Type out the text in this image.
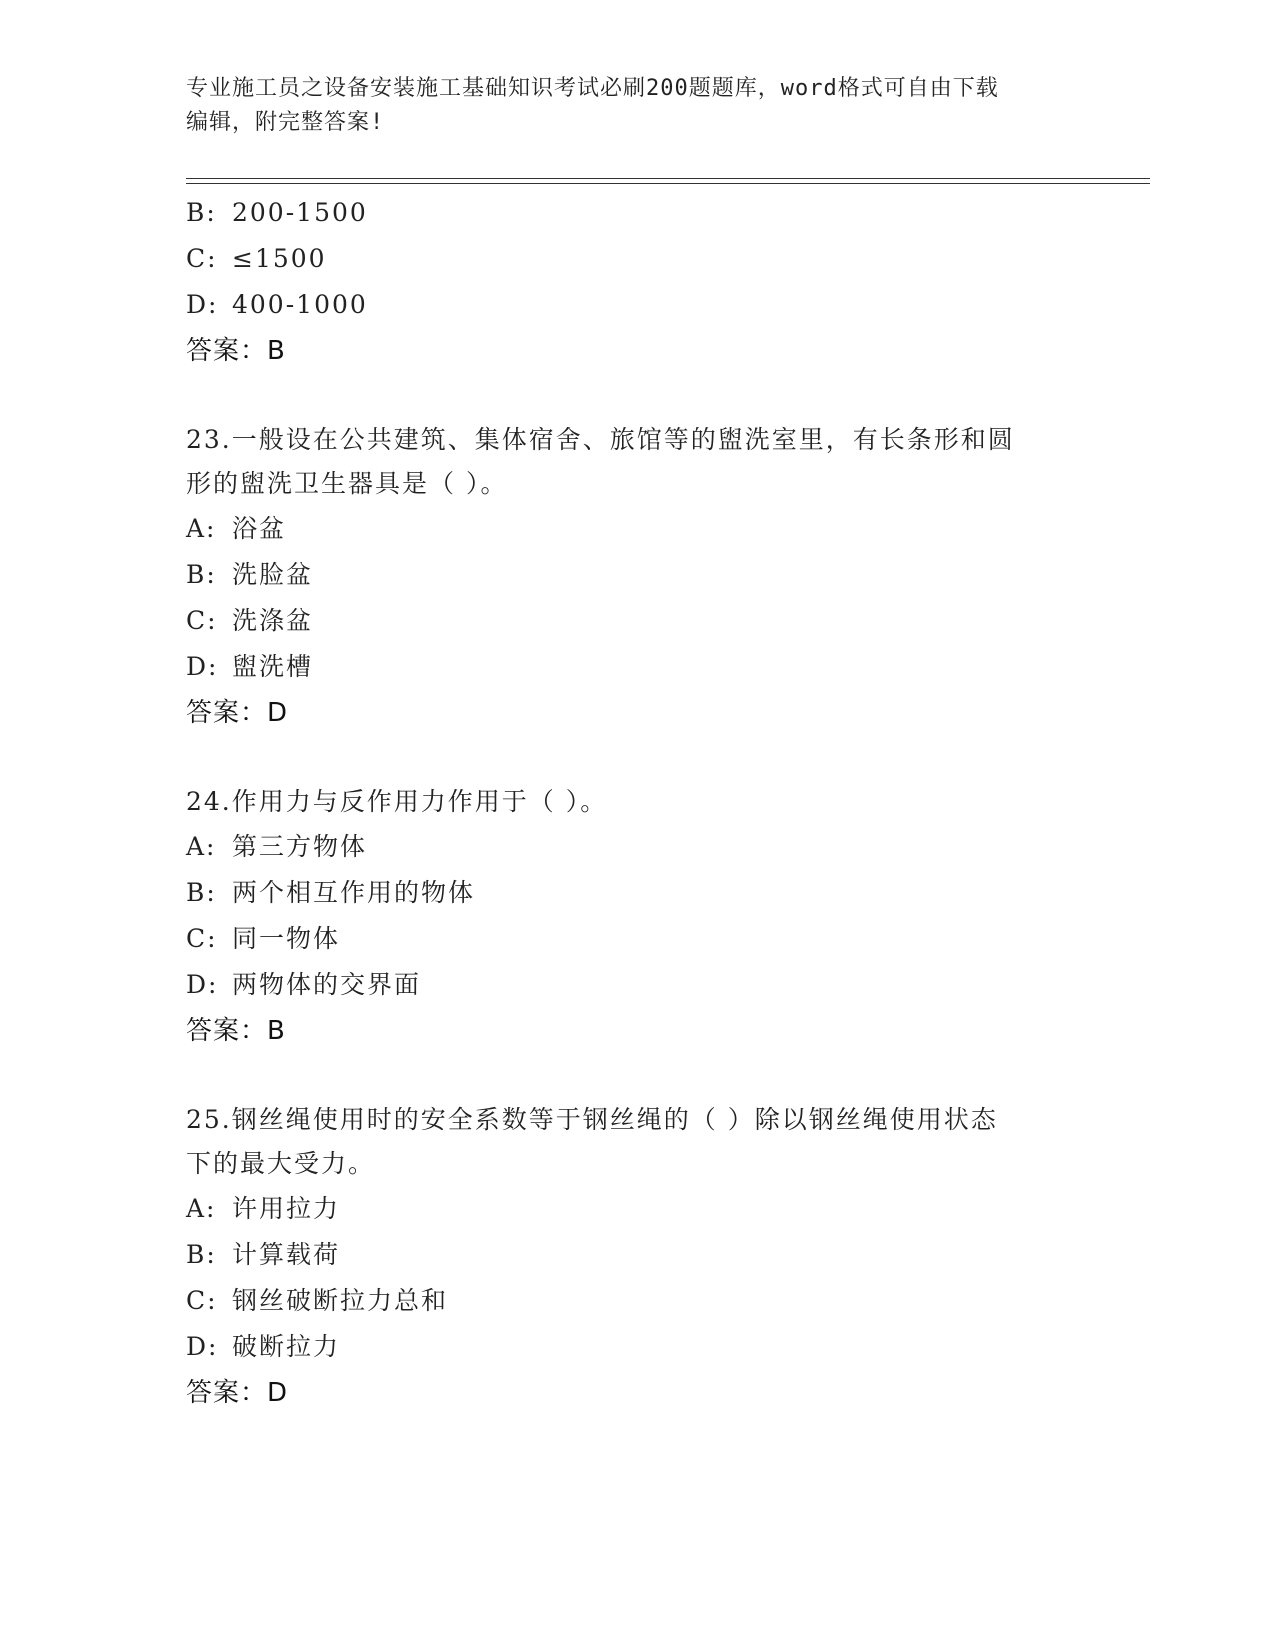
专业施工员之设备安装施工基础知识考试必刷200题题库，word格式可自由下载
编辑，附完整答案!
B: 200-1500
C: ≤1500
D: 400-1000
答案：B
23.一般设在公共建筑、集体宿舍、旅馆等的盥洗室里，有长条形和圆
形的盥洗卫生器具是（ ）。
A: 浴盆
B: 洗脸盆
C: 洗涤盆
D: 盥洗槽
答案：D
24.作用力与反作用力作用于（ ）。
A: 第三方物体
B: 两个相互作用的物体
C: 同一物体
D: 两物体的交界面
答案：B
25.钢丝绳使用时的安全系数等于钢丝绳的（ ）除以钢丝绳使用状态
下的最大受力。
A: 许用拉力
B: 计算载荷
C: 钢丝破断拉力总和
D: 破断拉力
答案：D
